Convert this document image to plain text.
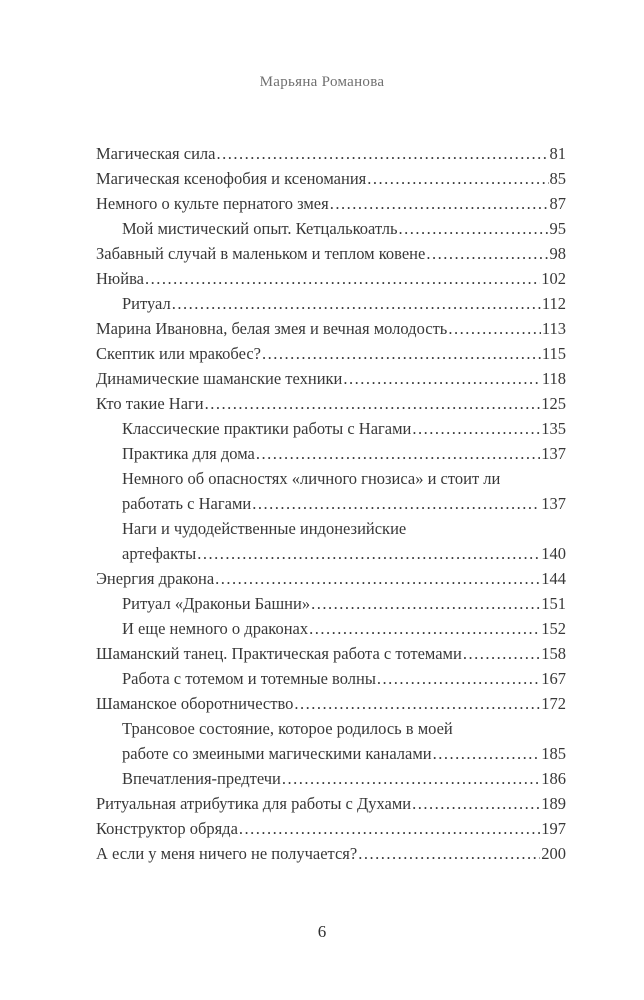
Марьяна Романова
Магическая сила .....	81
Магическая ксенофобия и ксеномания .....	85
Немного о культе пернатого змея .....	87
Мой мистический опыт. Кетцалькоатль .....	95
Забавный случай в маленьком и теплом ковене .....	98
Нюйва .....	102
Ритуал .....	112
Марина Ивановна, белая змея и вечная молодость .....	113
Скептик или мракобес? .....	115
Динамические шаманские техники .....	118
Кто такие Наги .....	125
Классические практики работы с Нагами .....	135
Практика для дома .....	137
Немного об опасностях «личного гнозиса» и стоит ли
работать с Нагами .....	137
Наги и чудодейственные индонезийские
артефакты .....	140
Энергия дракона .....	144
Ритуал «Драконьи Башни» .....	151
И еще немного о драконах .....	152
Шаманский танец. Практическая работа с тотемами .....	158
Работа с тотемом и тотемные волны .....	167
Шаманское оборотничество .....	172
Трансовое состояние, которое родилось в моей
работе со змеиными магическими каналами .....	185
Впечатления-предтечи .....	186
Ритуальная атрибутика для работы с Духами .....	189
Конструктор обряда .....	197
А если у меня ничего не получается? .....	200
6
